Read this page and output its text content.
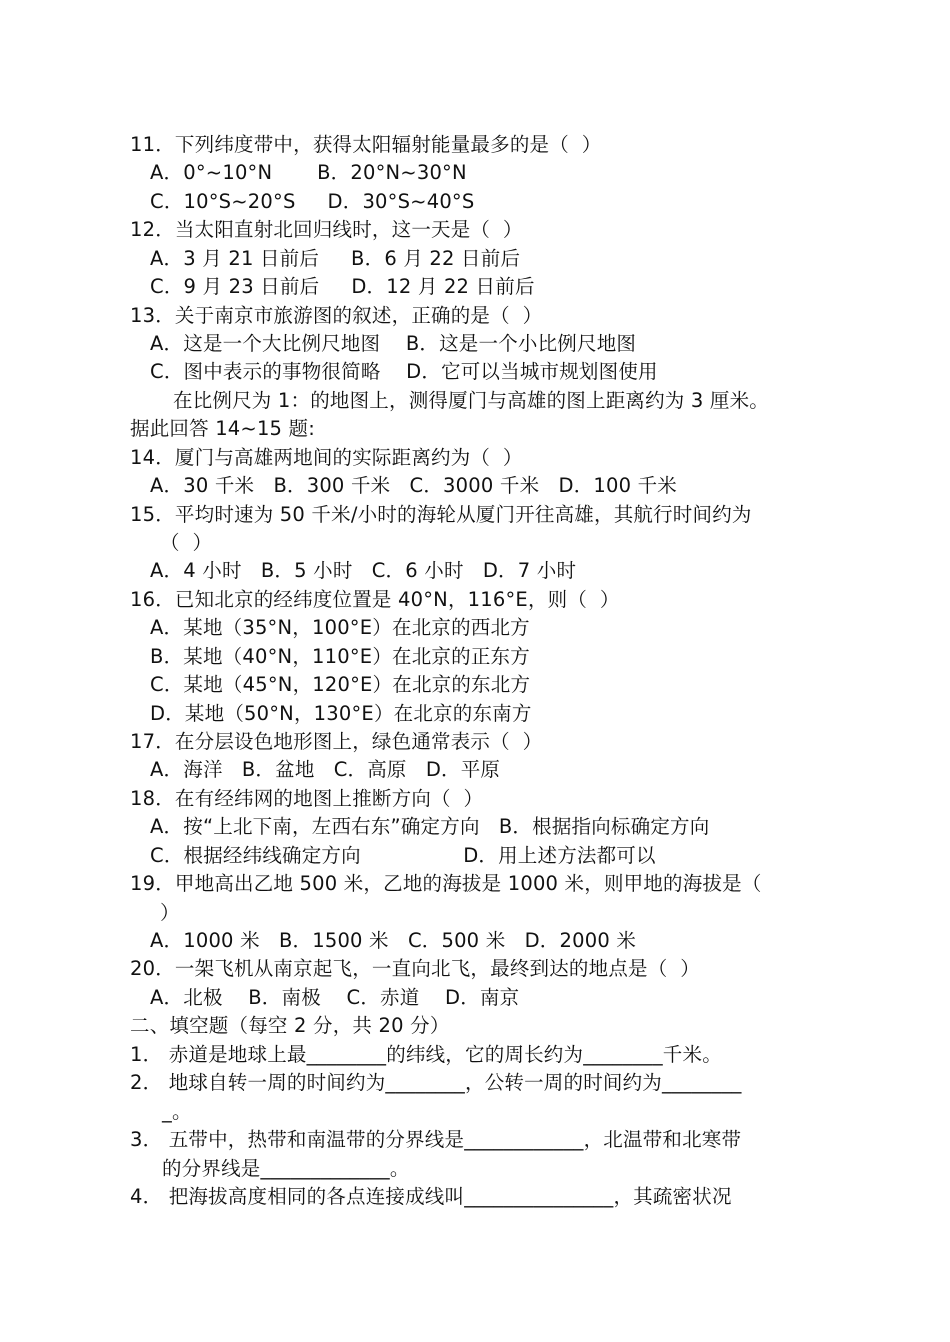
11．下列纬度带中，获得太阳辐射能量最多的是（  ）
A．0°~10°N       B．20°N~30°N
C．10°S~20°S     D．30°S~40°S
12．当太阳直射北回归线时，这一天是（  ）
A．3 月 21 日前后     B．6 月 22 日前后
C．9 月 23 日前后     D．12 月 22 日前后
13．关于南京市旅游图的叙述，正确的是（  ）
A．这是一个大比例尺地图    B．这是一个小比例尺地图
C．图中表示的事物很简略    D．它可以当城市规划图使用
在比例尺为 1：的地图上，测得厦门与高雄的图上距离约为 3 厘米。
据此回答 14~15 题:
14．厦门与高雄两地间的实际距离约为（  ）
A．30 千米   B．300 千米   C．3000 千米   D．100 千米
15．平均时速为 50 千米/小时的海轮从厦门开往高雄，其航行时间约为
（  ）
A．4 小时   B．5 小时   C．6 小时   D．7 小时
16．已知北京的经纬度位置是 40°N，116°E，则（  ）
A．某地（35°N，100°E）在北京的西北方
B．某地（40°N，110°E）在北京的正东方
C．某地（45°N，120°E）在北京的东北方
D．某地（50°N，130°E）在北京的东南方
17．在分层设色地形图上，绿色通常表示（  ）
A．海洋   B．盆地   C．高原   D．平原
18．在有经纬网的地图上推断方向（  ）
A．按“上北下南，左西右东”确定方向   B．根据指向标确定方向
C．根据经纬线确定方向                D．用上述方法都可以
19．甲地高出乙地 500 米，乙地的海拔是 1000 米，则甲地的海拔是（
）
A．1000 米   B．1500 米   C．500 米   D．2000 米
20．一架飞机从南京起飞，一直向北飞，最终到达的地点是（  ）
A．北极    B．南极    C．赤道    D．南京
二、填空题（每空 2 分，共 20 分）
1． 赤道是地球上最________的纬线，它的周长约为________千米。
2． 地球自转一周的时间约为________，公转一周的时间约为________
_。
3． 五带中，热带和南温带的分界线是____________，北温带和北寒带
的分界线是_____________。
4． 把海拔高度相同的各点连接成线叫_______________，其疏密状况
